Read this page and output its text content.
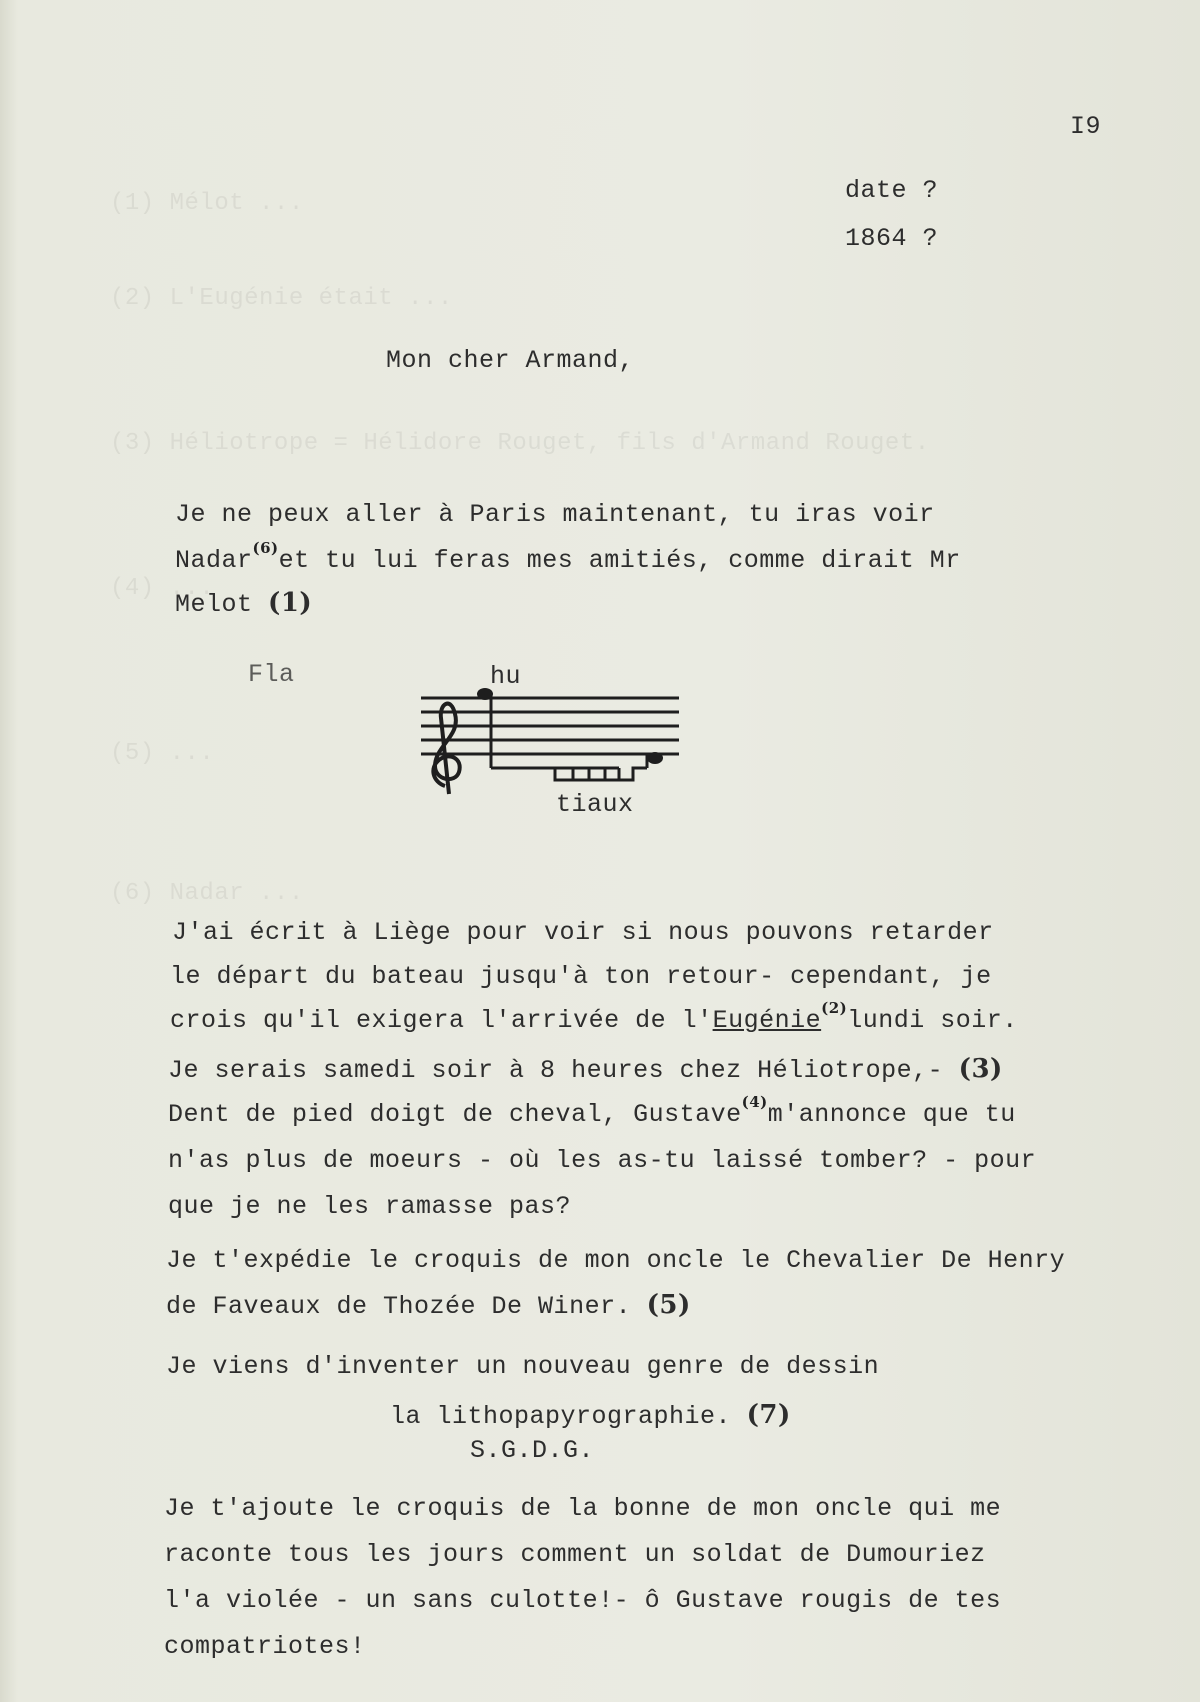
(1) Mélot ...
(2) L'Eugénie était ...
(3) Héliotrope = Hélidore Rouget, fils d'Armand Rouget.
(4) ...
(5) ...
(6) Nadar ...
I9
date ?
1864 ?
Mon cher Armand,
Je ne peux aller à Paris maintenant, tu iras voir
Nadar$^{(6)}$et tu lui feras mes amitiés, comme dirait Mr
Melot (1)
Fla	hu
tiaux
J'ai écrit à Liège pour voir si nous pouvons retarder
le départ du bateau jusqu'à ton retour- cependant, je
crois qu'il exigera l'arrivée de l'Eugénie$^{(2)}$lundi soir.
Je serais samedi soir à 8 heures chez Héliotrope,- (3)
Dent de pied doigt de cheval, Gustave$^{(4)}$m'annonce que tu
n'as plus de moeurs - où les as-tu laissé tomber? - pour
que je ne les ramasse pas?
Je t'expédie le croquis de mon oncle le Chevalier De Henry
de Faveaux de Thozée De Winer. (5)
Je viens d'inventer un nouveau genre de dessin
la lithopapyrographie. (7)
S.G.D.G.
Je t'ajoute le croquis de la bonne de mon oncle qui me
raconte tous les jours comment un soldat de Dumouriez
l'a violée - un sans culotte!- ô Gustave rougis de tes
compatriotes!
